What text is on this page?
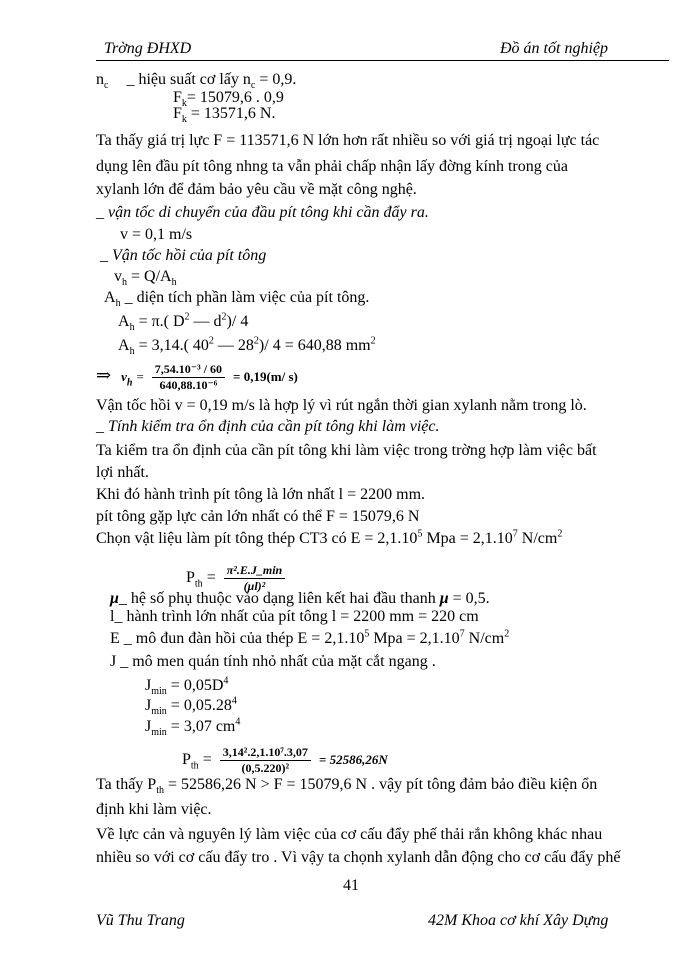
Trờng ĐHXD	Đồ án tốt nghiệp
$n_c$ _ hiệu suất cơ lấy $n_c = 0,9$.
$F_k= 15079,6$ . 0,9
$F_k = 13571,6$ N.
Ta thấy giá trị lực F = 113571,6 N lớn hơn rất nhiều so với giá trị ngoại lực tác
dụng lên đầu pít tông nhng ta vẫn phải chấp nhận lấy đờng kính trong của
xylanh lớn để đảm bảo yêu cầu về mặt công nghệ.
_ vận tốc di chuyển của đầu pít tông khi cần đẩy ra.
v = 0,1 m/s
_ Vận tốc hồi của pít tông
$v_h = Q/A_h$
$A_h$ _ diện tích phần làm việc của pít tông.
$A_h = \pi$.( $D^2$ — $d^2)/$ 4
$A_h = 3,14$.( $40^2$ — $28^2)/$ 4 = 640,88 $mm^2$
⇒ $v_h = \frac{\text{7,54.10⁻³ / 60}}{\text{640,88.10⁻⁶}} = 0,19(m/$ s)
Vận tốc hồi v = 0,19 m/s là hợp lý vì rút ngắn thời gian xylanh nằm trong lò.
_ Tính kiểm tra ổn định của cần pít tông khi làm việc.
Ta kiểm tra ổn định của cần pít tông khi làm việc trong trờng hợp làm việc bất
lợi nhất.
Khi đó hành trình pít tông là lớn nhất l = 2200 mm.
pít tông gặp lực cản lớn nhất có thể F = 15079,6 N
Chọn vật liệu làm pít tông thép CT3 có $E = 2,1.10^5$ Mpa = $2,1.10^7$ $N/cm^2$
$P_{th} = \frac{\text{π².E.J\_min}}{\text{(μl)²}}$
μ_ hệ số phụ thuộc vào dạng liên kết hai đầu thanh μ = 0,5.
l_ hành trình lớn nhất của pít tông l = 2200 mm = 220 cm
E _ mô đun đàn hồi của thép $E = 2,1.10^5$ Mpa = $2,1.10^7$ $N/cm^2$
J _ mô men quán tính nhỏ nhất của mặt cắt ngang .
$J_{min} = 0,05D^4$
$J_{min} = 0,05.28^4$
$J_{min} = 3,07$ $cm^4$
$P_{th} = \frac{\text{3,14².2,1.10⁷.3,07}}{\text{(0,5.220)²}} = 52586,26N$
Ta thấy $P_{th} = 52586,26$ N > F = 15079,6 N . vậy pít tông đảm bảo điều kiện ổn
định khi làm việc.
Về lực cản và nguyên lý làm việc của cơ cấu đẩy phế thải rắn không khác nhau
nhiều so với cơ cấu đẩy tro . Vì vậy ta chọnh xylanh dẫn động cho cơ cấu đẩy phế
41
Vũ Thu Trang	42M Khoa cơ khí Xây Dựng
